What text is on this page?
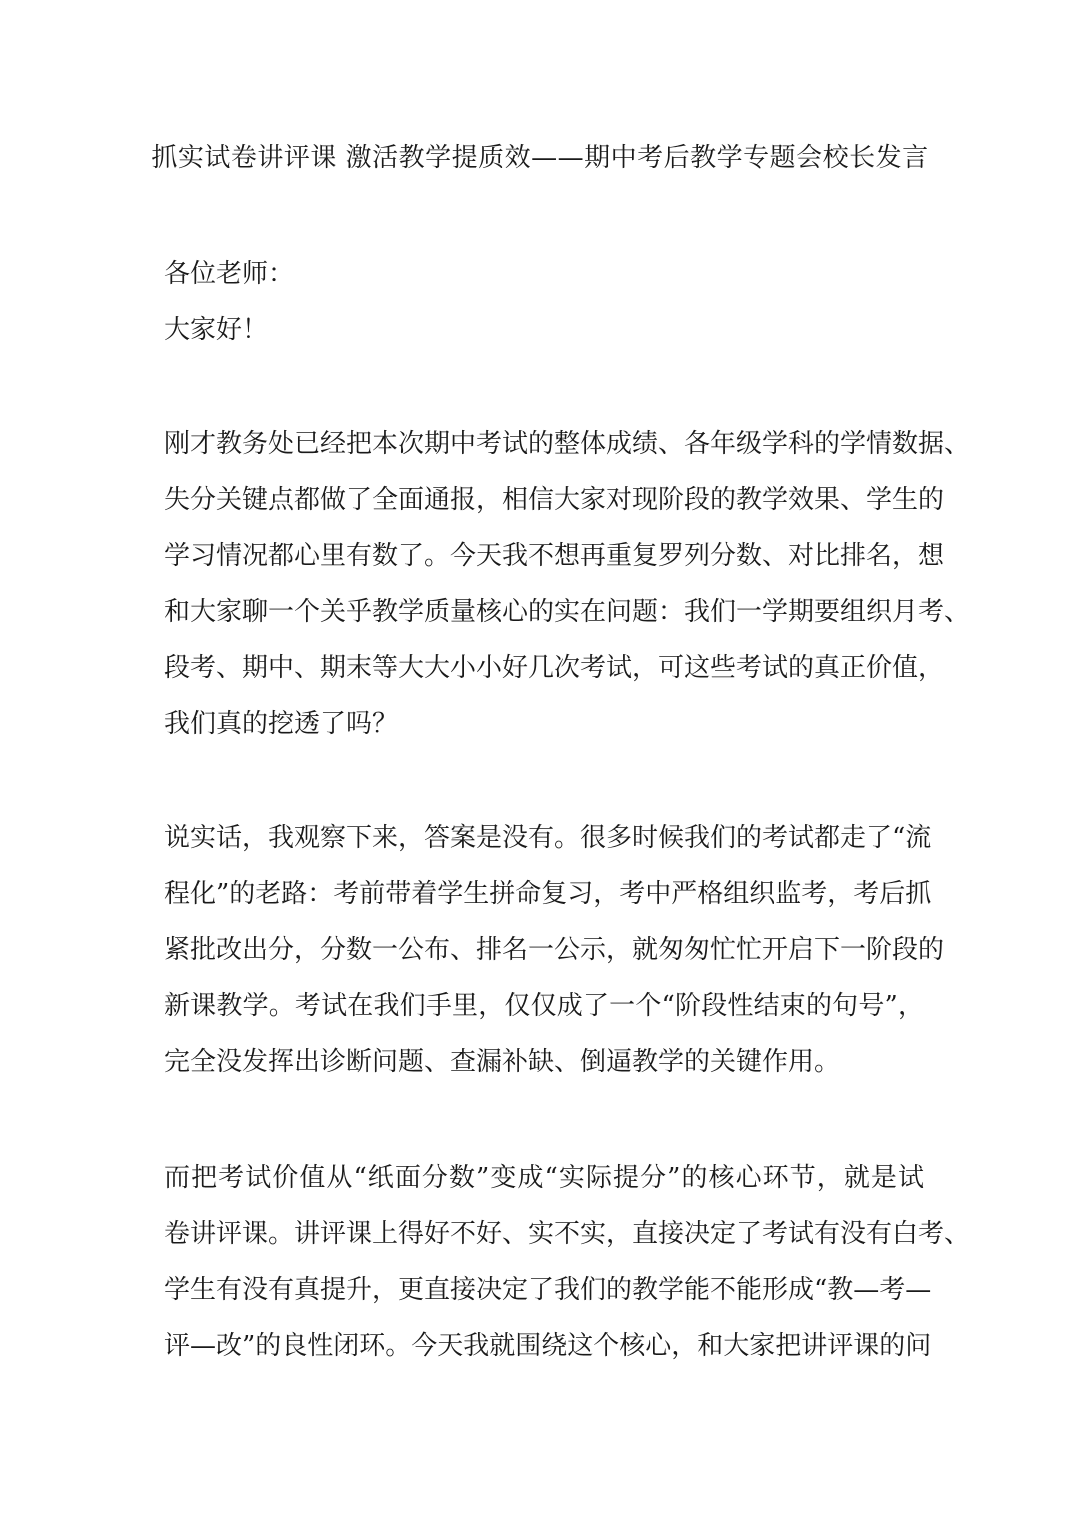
抓实试卷讲评课 激活教学提质效——期中考后教学专题会校长发言
各位老师：
大家好！
刚才教务处已经把本次期中考试的整体成绩、各年级学科的学情数据、
失分关键点都做了全面通报，相信大家对现阶段的教学效果、学生的
学习情况都心里有数了。今天我不想再重复罗列分数、对比排名，想
和大家聊一个关乎教学质量核心的实在问题：我们一学期要组织月考、
段考、期中、期末等大大小小好几次考试，可这些考试的真正价值，
我们真的挖透了吗？
说实话，我观察下来，答案是没有。很多时候我们的考试都走了“流
程化”的老路：考前带着学生拼命复习，考中严格组织监考，考后抓
紧批改出分，分数一公布、排名一公示，就匆匆忙忙开启下一阶段的
新课教学。考试在我们手里，仅仅成了一个“阶段性结束的句号”，
完全没发挥出诊断问题、查漏补缺、倒逼教学的关键作用。
而把考试价值从“纸面分数”变成“实际提分”的核心环节，就是试
卷讲评课。讲评课上得好不好、实不实，直接决定了考试有没有白考、
学生有没有真提升，更直接决定了我们的教学能不能形成“教—考—
评—改”的良性闭环。今天我就围绕这个核心，和大家把讲评课的问
